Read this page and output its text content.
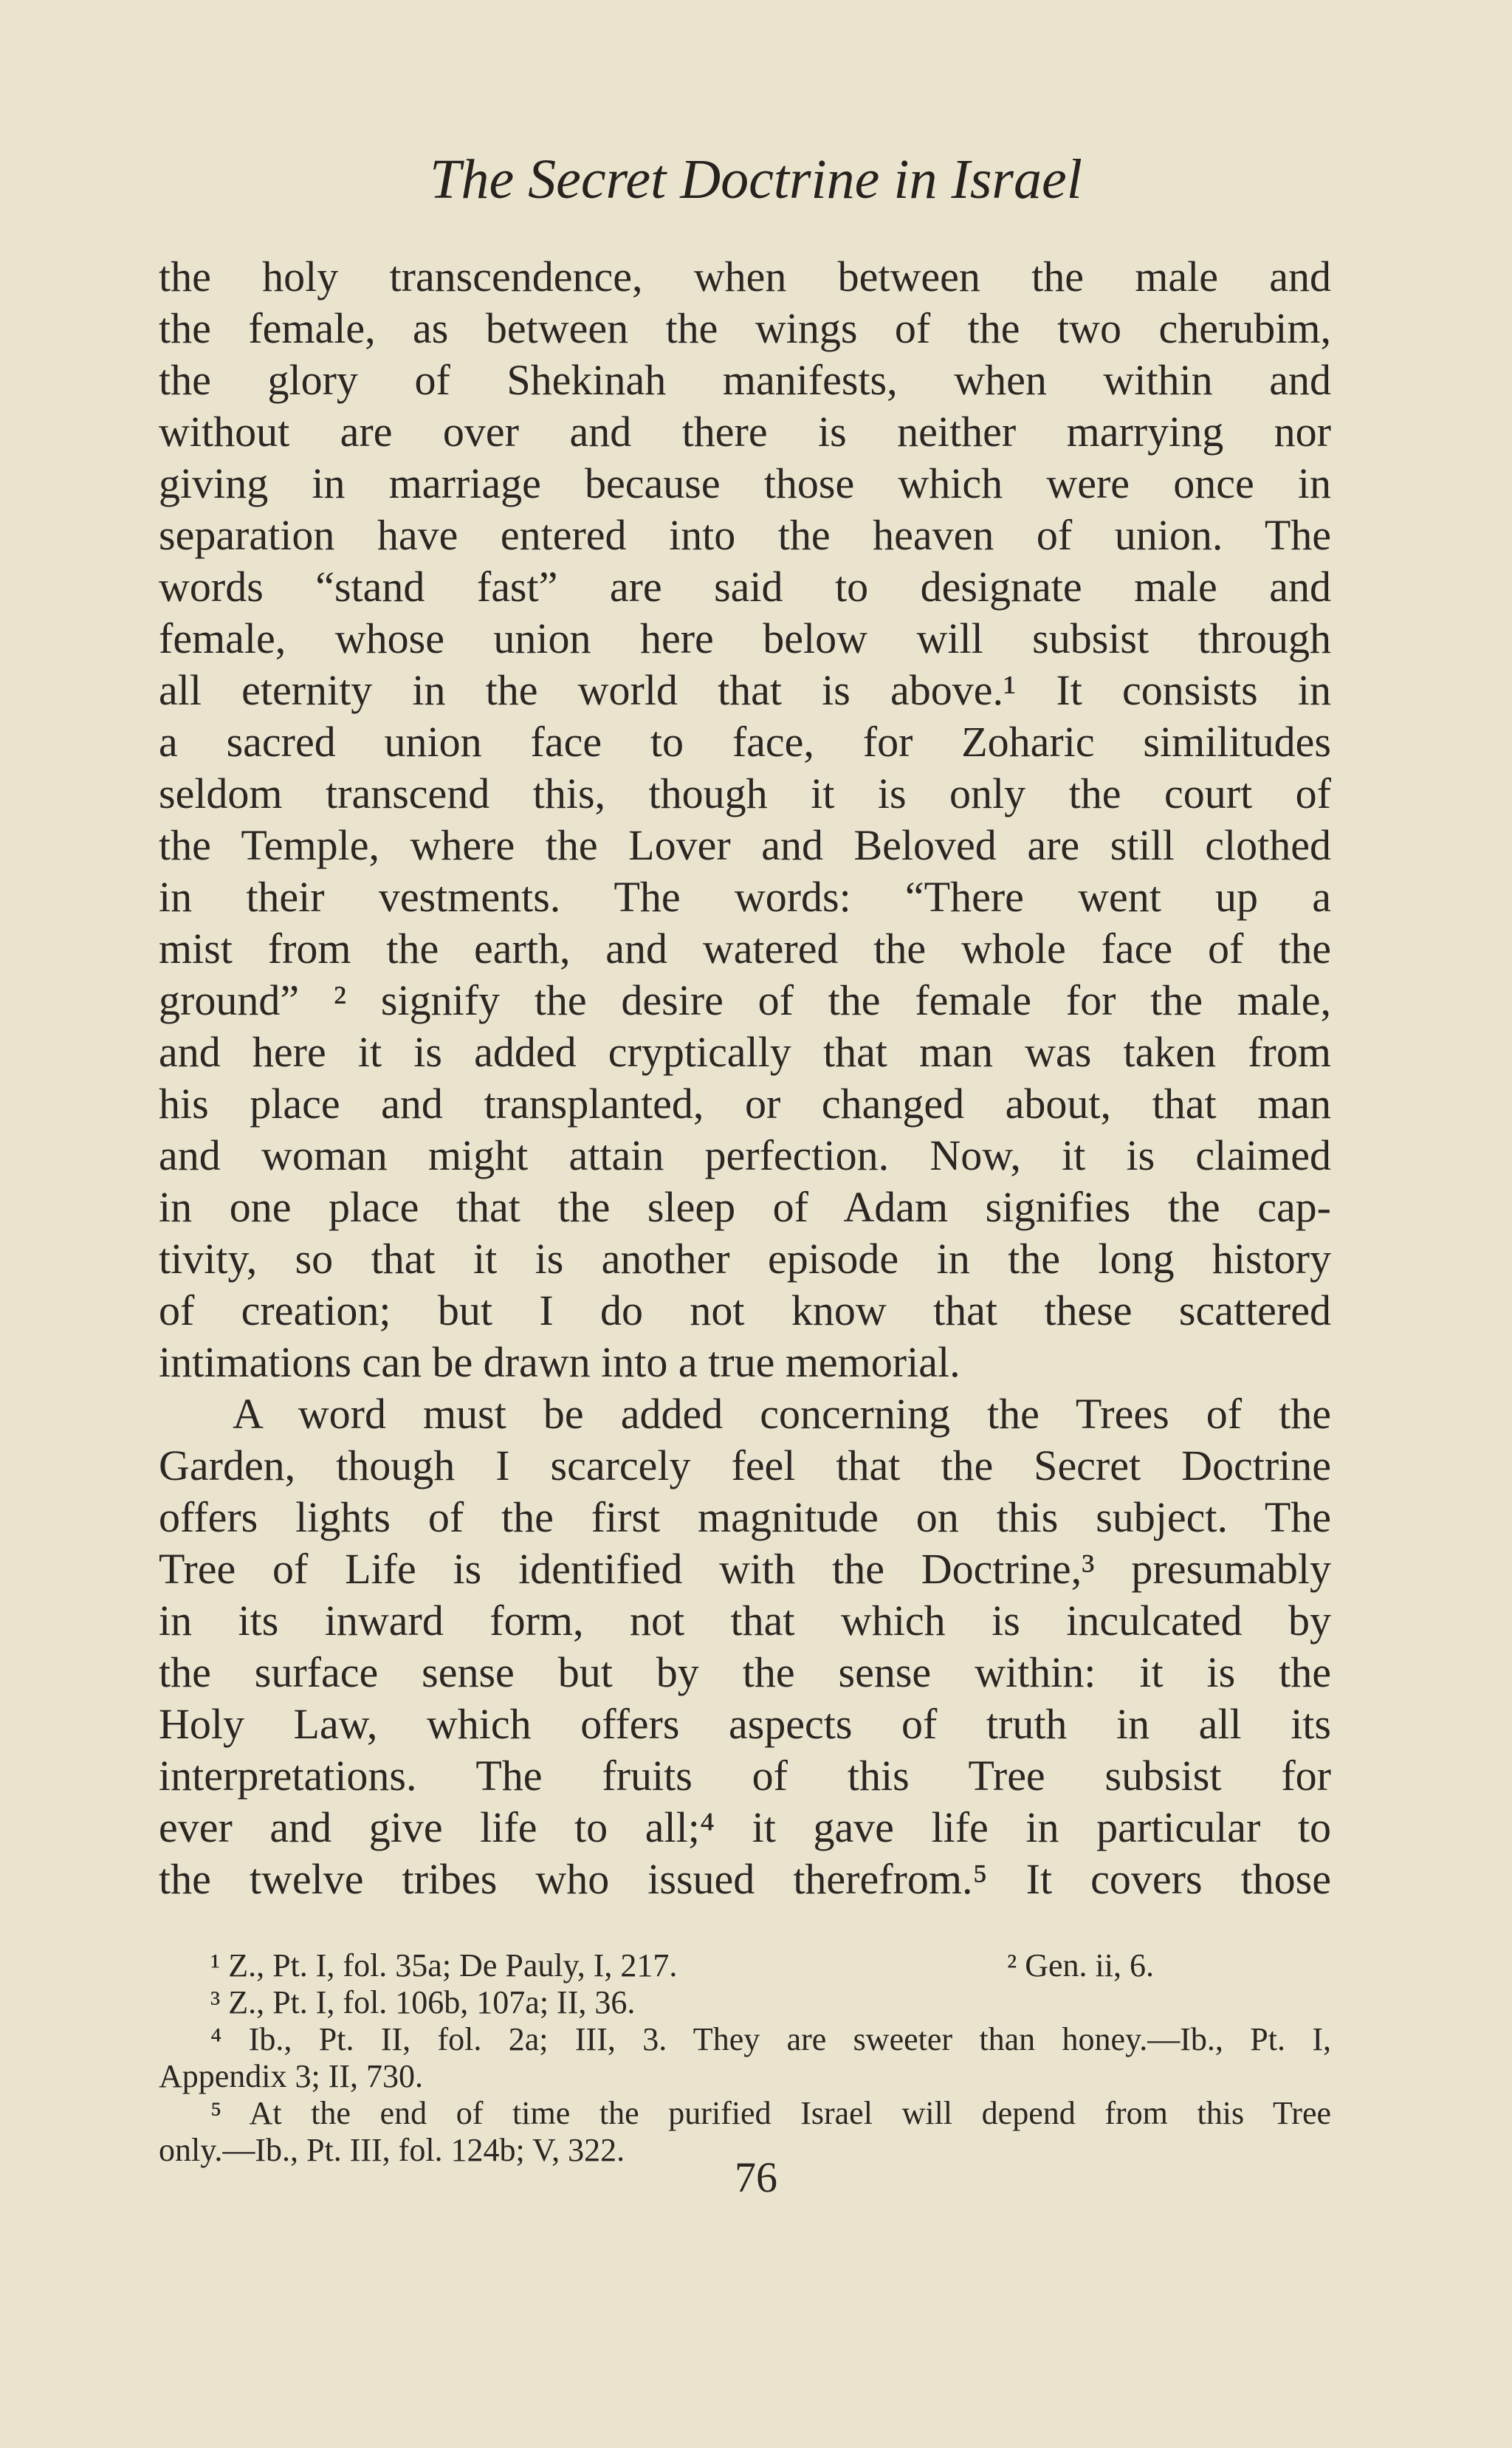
The Secret Doctrine in Israel
the holy transcendence, when between the male and
the female, as between the wings of the two cherubim,
the glory of Shekinah manifests, when within and
without are over and there is neither marrying nor
giving in marriage because those which were once in
separation have entered into the heaven of union. The
words “stand fast” are said to designate male and
female, whose union here below will subsist through
all eternity in the world that is above.¹ It consists in
a sacred union face to face, for Zoharic similitudes
seldom transcend this, though it is only the court of
the Temple, where the Lover and Beloved are still clothed
in their vestments. The words: “There went up a
mist from the earth, and watered the whole face of the
ground” ² signify the desire of the female for the male,
and here it is added cryptically that man was taken from
his place and transplanted, or changed about, that man
and woman might attain perfection. Now, it is claimed
in one place that the sleep of Adam signifies the cap-
tivity, so that it is another episode in the long history
of creation; but I do not know that these scattered
intimations can be drawn into a true memorial.
A word must be added concerning the Trees of the
Garden, though I scarcely feel that the Secret Doctrine
offers lights of the first magnitude on this subject. The
Tree of Life is identified with the Doctrine,³ presumably
in its inward form, not that which is inculcated by
the surface sense but by the sense within: it is the
Holy Law, which offers aspects of truth in all its
interpretations. The fruits of this Tree subsist for
ever and give life to all;⁴ it gave life in particular to
the twelve tribes who issued therefrom.⁵ It covers those
¹ Z., Pt. I, fol. 35a; De Pauly, I, 217.	² Gen. ii, 6.
³ Z., Pt. I, fol. 106b, 107a; II, 36.
⁴ Ib., Pt. II, fol. 2a; III, 3. They are sweeter than honey.—Ib., Pt. I,
Appendix 3; II, 730.
⁵ At the end of time the purified Israel will depend from this Tree
only.—Ib., Pt. III, fol. 124b; V, 322.
76
